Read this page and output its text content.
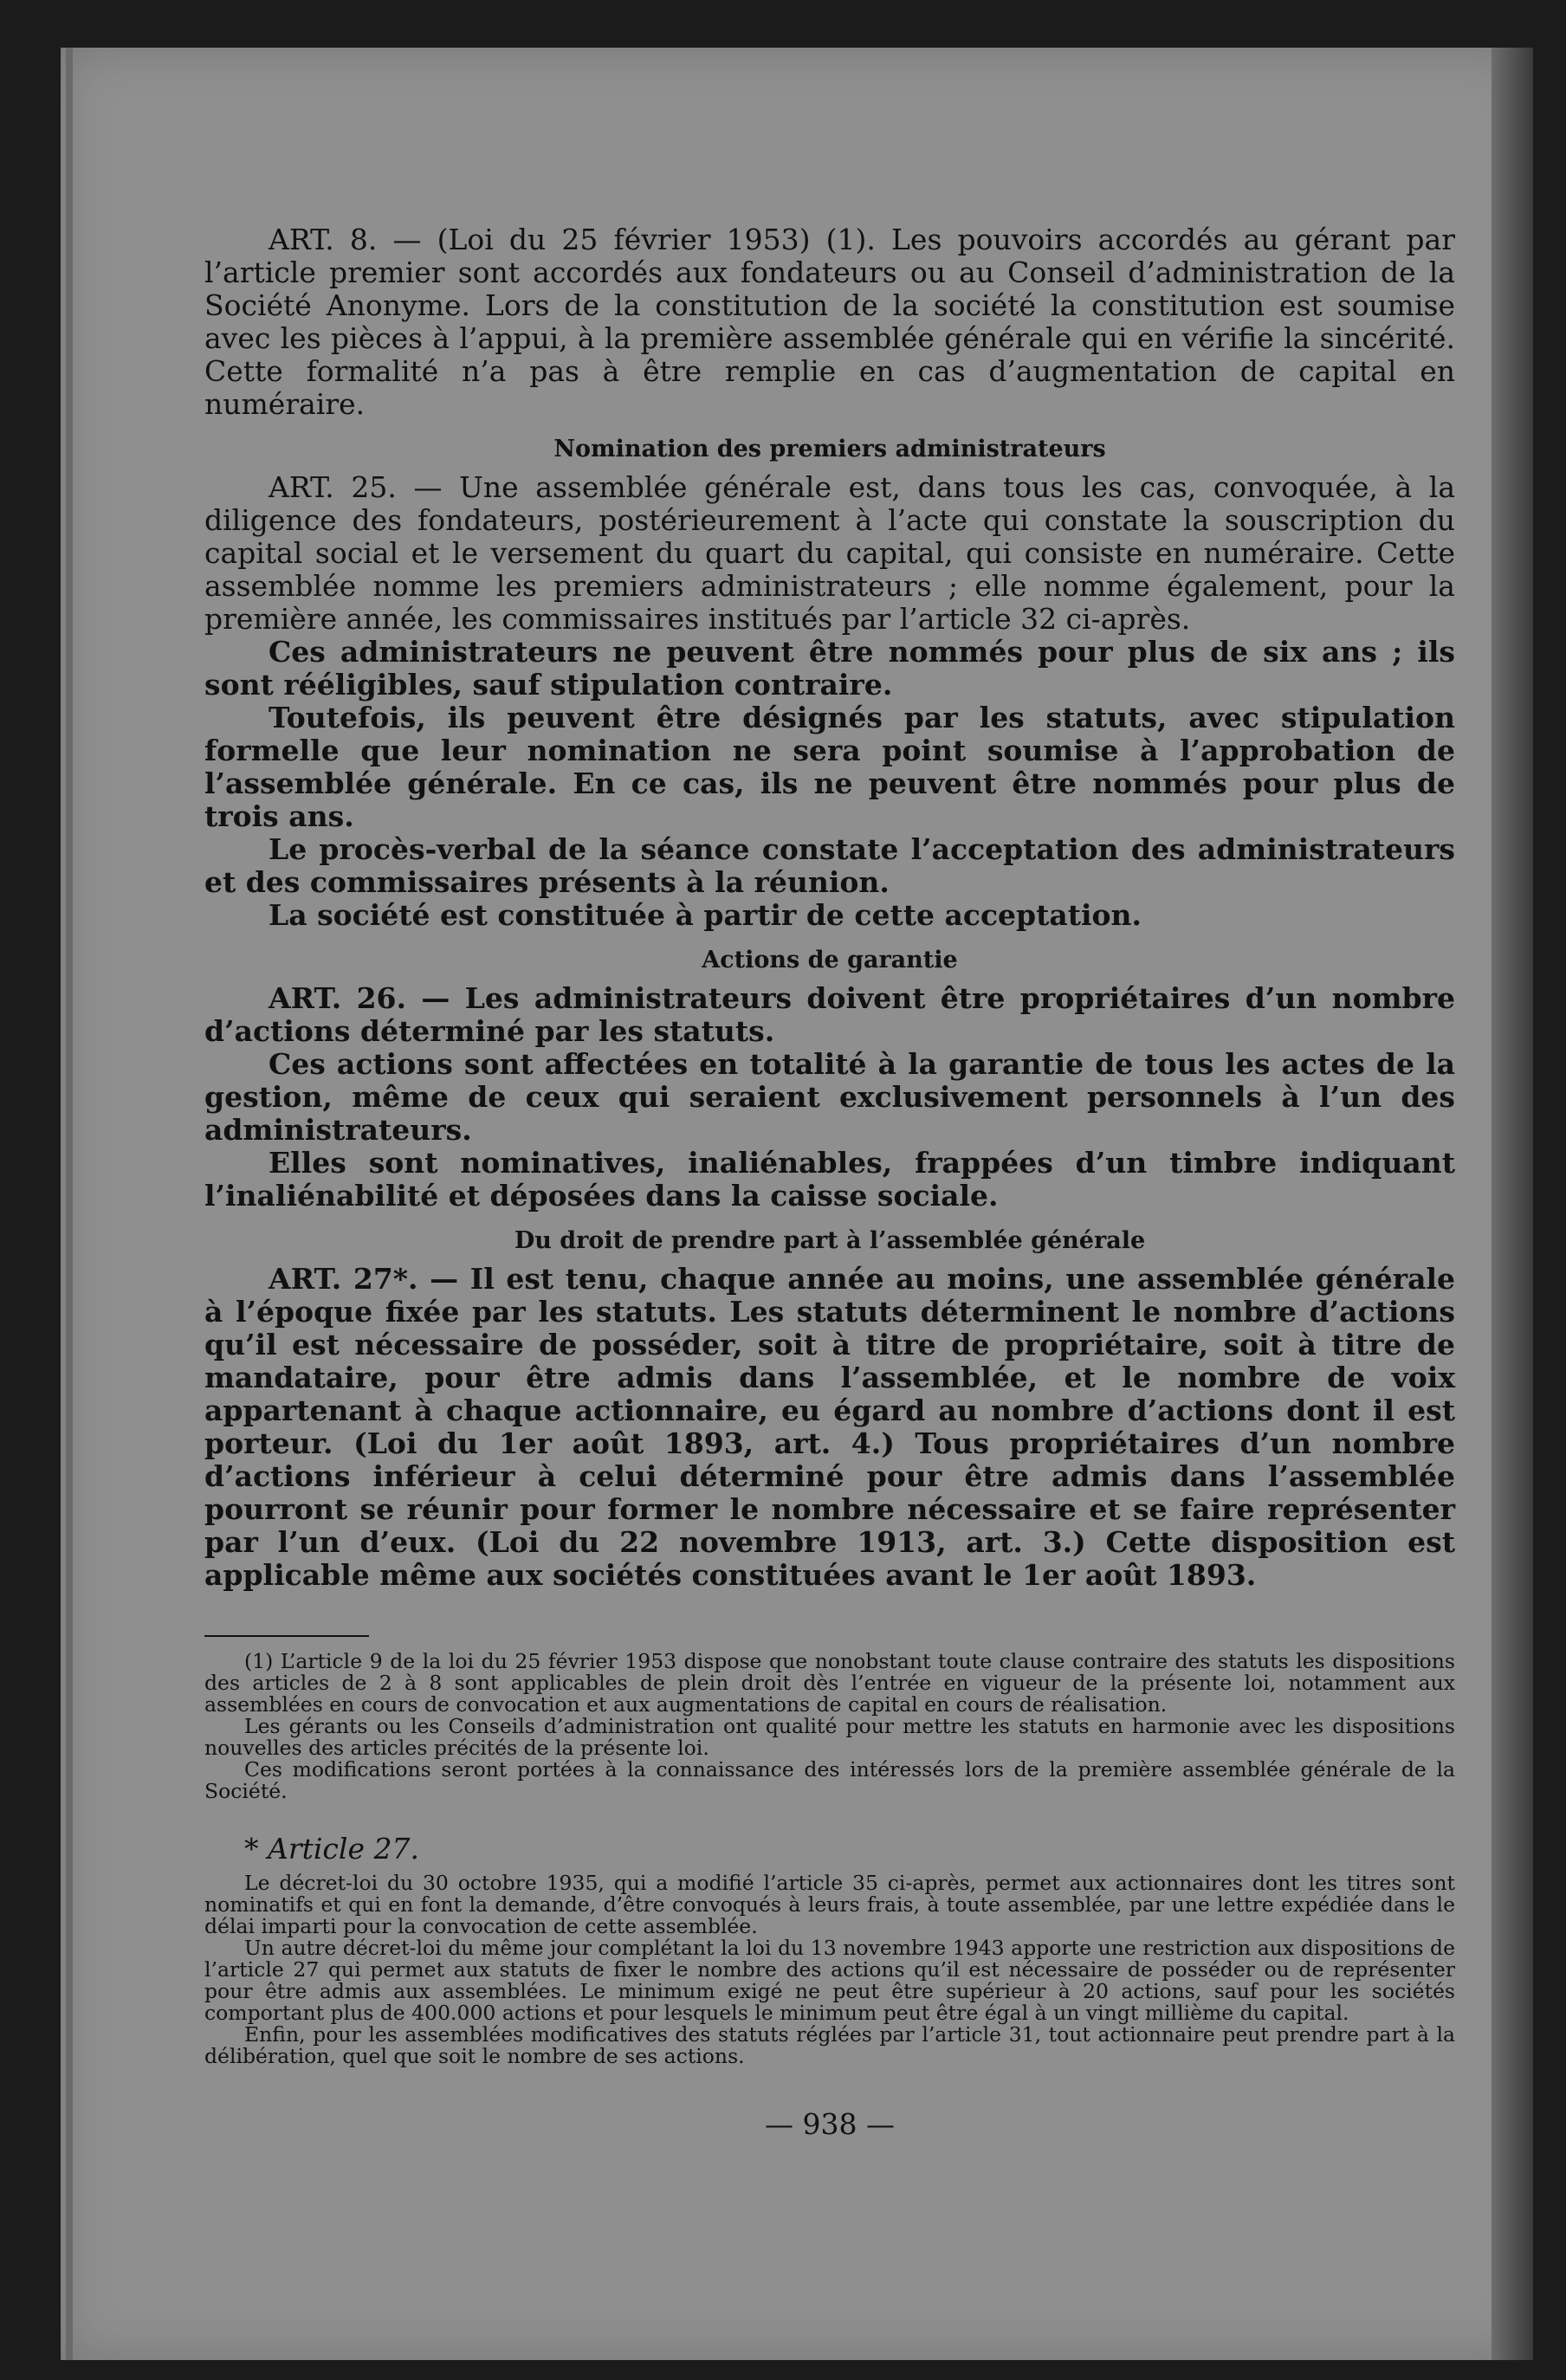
ART. 8. — (Loi du 25 février 1953) (1). Les pouvoirs accordés au gérant par l’article premier sont accordés aux fondateurs ou au Conseil d’administration de la Société Anonyme. Lors de la constitution de la société la constitution est soumise avec les pièces à l’appui, à la première assemblée générale qui en vérifie la sincérité. Cette formalité n’a pas à être remplie en cas d’augmentation de capital en numéraire.

Nomination des premiers administrateurs

ART. 25. — Une assemblée générale est, dans tous les cas, convoquée, à la diligence des fondateurs, postérieurement à l’acte qui constate la souscription du capital social et le versement du quart du capital, qui consiste en numéraire. Cette assemblée nomme les premiers administrateurs ; elle nomme également, pour la première année, les commissaires institués par l’article 32 ci-après.

Ces administrateurs ne peuvent être nommés pour plus de six ans ; ils sont rééligibles, sauf stipulation contraire.

Toutefois, ils peuvent être désignés par les statuts, avec stipulation formelle que leur nomination ne sera point soumise à l’approbation de l’assemblée générale. En ce cas, ils ne peuvent être nommés pour plus de trois ans.

Le procès-verbal de la séance constate l’acceptation des administrateurs et des commissaires présents à la réunion.

La société est constituée à partir de cette acceptation.

Actions de garantie

ART. 26. — Les administrateurs doivent être propriétaires d’un nombre d’actions déterminé par les statuts.

Ces actions sont affectées en totalité à la garantie de tous les actes de la gestion, même de ceux qui seraient exclusivement personnels à l’un des administrateurs.

Elles sont nominatives, inaliénables, frappées d’un timbre indiquant l’inaliénabilité et déposées dans la caisse sociale.

Du droit de prendre part à l’assemblée générale

ART. 27*. — Il est tenu, chaque année au moins, une assemblée générale à l’époque fixée par les statuts. Les statuts déterminent le nombre d’actions qu’il est nécessaire de posséder, soit à titre de propriétaire, soit à titre de mandataire, pour être admis dans l’assemblée, et le nombre de voix appartenant à chaque actionnaire, eu égard au nombre d’actions dont il est porteur. (Loi du 1er août 1893, art. 4.) Tous propriétaires d’un nombre d’actions inférieur à celui déterminé pour être admis dans l’assemblée pourront se réunir pour former le nombre nécessaire et se faire représenter par l’un d’eux. (Loi du 22 novembre 1913, art. 3.) Cette disposition est applicable même aux sociétés constituées avant le 1er août 1893.

(1) L’article 9 de la loi du 25 février 1953 dispose que nonobstant toute clause contraire des statuts les dispositions des articles de 2 à 8 sont applicables de plein droit dès l’entrée en vigueur de la présente loi, notamment aux assemblées en cours de convocation et aux augmentations de capital en cours de réalisation.

Les gérants ou les Conseils d’administration ont qualité pour mettre les statuts en harmonie avec les dispositions nouvelles des articles précités de la présente loi.

Ces modifications seront portées à la connaissance des intéressés lors de la première assemblée générale de la Société.

* Article 27.

Le décret-loi du 30 octobre 1935, qui a modifié l’article 35 ci-après, permet aux actionnaires dont les titres sont nominatifs et qui en font la demande, d’être convoqués à leurs frais, à toute assemblée, par une lettre expédiée dans le délai imparti pour la convocation de cette assemblée.

Un autre décret-loi du même jour complétant la loi du 13 novembre 1943 apporte une restriction aux dispositions de l’article 27 qui permet aux statuts de fixer le nombre des actions qu’il est nécessaire de posséder ou de représenter pour être admis aux assemblées. Le minimum exigé ne peut être supérieur à 20 actions, sauf pour les sociétés comportant plus de 400.000 actions et pour lesquels le minimum peut être égal à un vingt millième du capital.

Enfin, pour les assemblées modificatives des statuts réglées par l’article 31, tout actionnaire peut prendre part à la délibération, quel que soit le nombre de ses actions.

— 938 —
